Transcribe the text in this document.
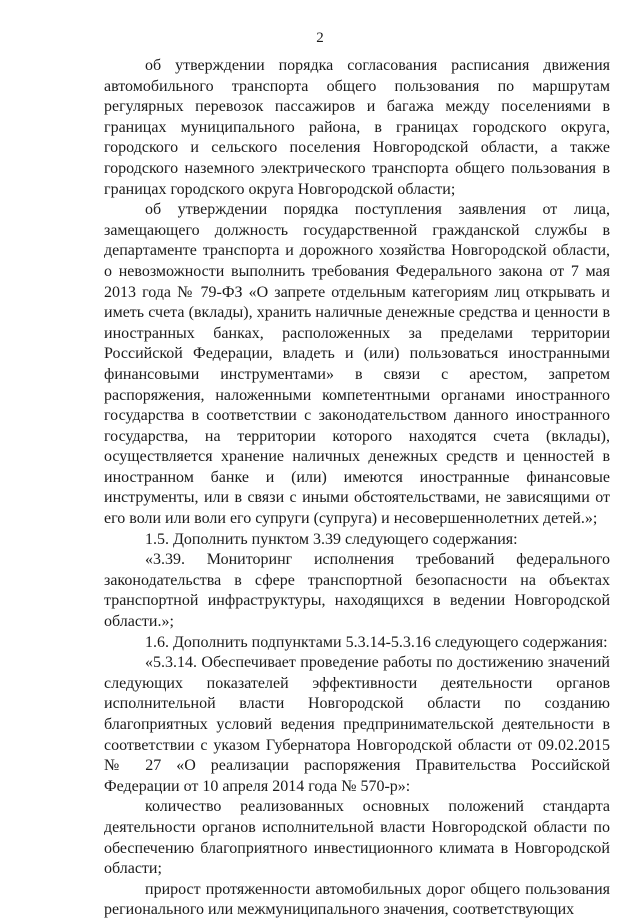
2

об утверждении порядка согласования расписания движения автомобильного транспорта общего пользования по маршрутам регулярных перевозок пассажиров и багажа между поселениями в границах муниципального района, в границах городского округа, городского и сельского поселения Новгородской области, а также городского наземного электрического транспорта общего пользования в границах городского округа Новгородской области;

об утверждении порядка поступления заявления от лица, замещающего должность государственной гражданской службы в департаменте транспорта и дорожного хозяйства Новгородской области, о невозможности выполнить требования Федерального закона от 7 мая 2013 года № 79-ФЗ «О запрете отдельным категориям лиц открывать и иметь счета (вклады), хранить наличные денежные средства и ценности в иностранных банках, расположенных за пределами территории Российской Федерации, владеть и (или) пользоваться иностранными финансовыми инструментами» в связи с арестом, запретом распоряжения, наложенными компетентными органами иностранного государства в соответствии с законодательством данного иностранного государства, на территории которого находятся счета (вклады), осуществляется хранение наличных денежных средств и ценностей в иностранном банке и (или) имеются иностранные финансовые инструменты, или в связи с иными обстоятельствами, не зависящими от его воли или воли его супруги (супруга) и несовершеннолетних детей.»;

1.5. Дополнить пунктом 3.39 следующего содержания:

«3.39. Мониторинг исполнения требований федерального законодательства в сфере транспортной безопасности на объектах транспортной инфраструктуры, находящихся в ведении Новгородской области.»;

1.6. Дополнить подпунктами 5.3.14-5.3.16 следующего содержания:

«5.3.14. Обеспечивает проведение работы по достижению значений следующих показателей эффективности деятельности органов исполнительной власти Новгородской области по созданию благоприятных условий ведения предпринимательской деятельности в соответствии с указом Губернатора Новгородской области от 09.02.2015 № 27 «О реализации распоряжения Правительства Российской Федерации от 10 апреля 2014 года № 570-р»:

количество реализованных основных положений стандарта деятельности органов исполнительной власти Новгородской области по обеспечению благоприятного инвестиционного климата в Новгородской области;

прирост протяженности автомобильных дорог общего пользования регионального или межмуниципального значения, соответствующих
